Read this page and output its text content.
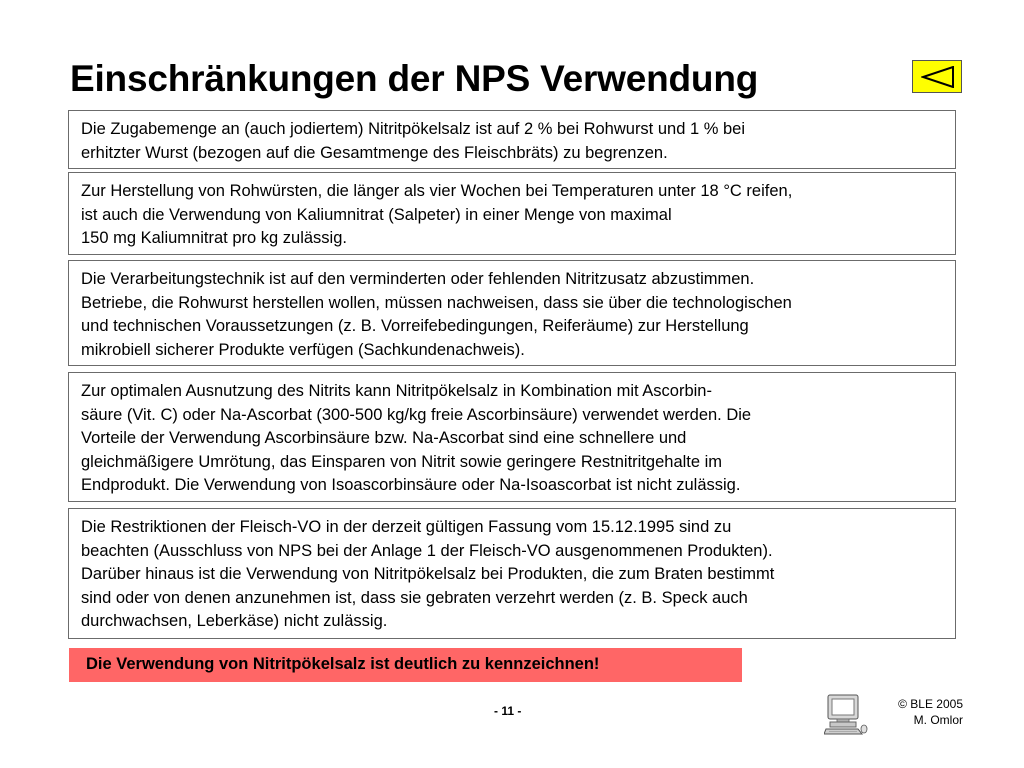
Einschränkungen der NPS Verwendung

Die Zugabemenge an (auch jodiertem) Nitritpökelsalz ist auf 2 % bei Rohwurst und 1 % bei

erhitzter Wurst (bezogen auf die Gesamtmenge des Fleischbräts) zu begrenzen.

Zur Herstellung von Rohwürsten, die länger als vier Wochen bei Temperaturen unter 18 °C reifen,

ist auch die Verwendung von Kaliumnitrat (Salpeter) in einer Menge von maximal

150 mg Kaliumnitrat pro kg zulässig.

Die Verarbeitungstechnik ist auf den verminderten oder fehlenden Nitritzusatz abzustimmen.

Betriebe, die Rohwurst herstellen wollen, müssen nachweisen, dass sie über die technologischen

und technischen Voraussetzungen (z. B. Vorreifebedingungen, Reiferäume) zur Herstellung

mikrobiell sicherer Produkte verfügen (Sachkundenachweis).

Zur optimalen Ausnutzung des Nitrits kann Nitritpökelsalz in Kombination mit Ascorbin-

säure (Vit. C) oder Na-Ascorbat (300-500 kg/kg freie Ascorbinsäure) verwendet werden. Die

Vorteile der Verwendung Ascorbinsäure bzw. Na-Ascorbat sind eine schnellere und

gleichmäßigere Umrötung, das Einsparen von Nitrit sowie geringere Restnitritgehalte im

Endprodukt. Die Verwendung von Isoascorbinsäure oder Na-Isoascorbat ist nicht zulässig.

Die Restriktionen der Fleisch-VO in der derzeit gültigen Fassung vom 15.12.1995 sind zu

beachten (Ausschluss von NPS bei der Anlage 1 der Fleisch-VO ausgenommenen Produkten).

Darüber hinaus ist die Verwendung von Nitritpökelsalz bei Produkten, die zum Braten bestimmt

sind oder von denen anzunehmen ist, dass sie gebraten verzehrt werden (z. B. Speck auch

durchwachsen, Leberkäse) nicht zulässig.

Die Verwendung von Nitritpökelsalz ist deutlich zu kennzeichnen!
- 11 -	© BLE 2005
M. Omlor
